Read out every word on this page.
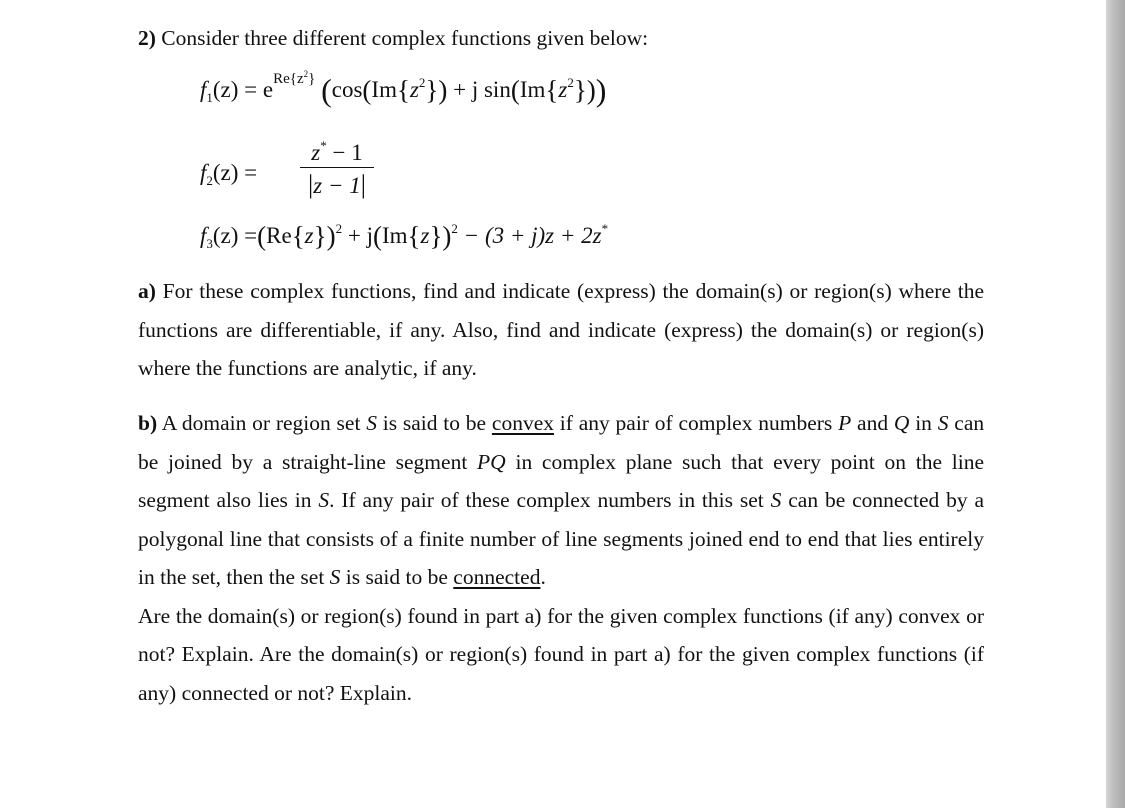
2) Consider three different complex functions given below:
$f_1(z) = e^{Re\{z^2\}}$ ($\cos(Im\{z^2\}) + j$ $\sin(Im\{z^2\})$)
$f_2(z)$ =
z* − 1
|z − 1|
$f_3(z) =(Re\{z\})^2 + j(Im\{z\})^2 - (3 + j)z + 2z^*$

a) For these complex functions, find and indicate (express) the domain(s) or region(s) where the functions are differentiable, if any. Also, find and indicate (express) the domain(s) or region(s) where the functions are analytic, if any.

b) A domain or region set S is said to be convex if any pair of complex numbers P and Q in S can be joined by a straight-line segment PQ in complex plane such that every point on the line segment also lies in S. If any pair of these complex numbers in this set S can be connected by a polygonal line that consists of a finite number of line segments joined end to end that lies entirely in the set, then the set S is said to be connected.

Are the domain(s) or region(s) found in part a) for the given complex functions (if any) convex or not? Explain. Are the domain(s) or region(s) found in part a) for the given complex functions (if any) connected or not? Explain.
